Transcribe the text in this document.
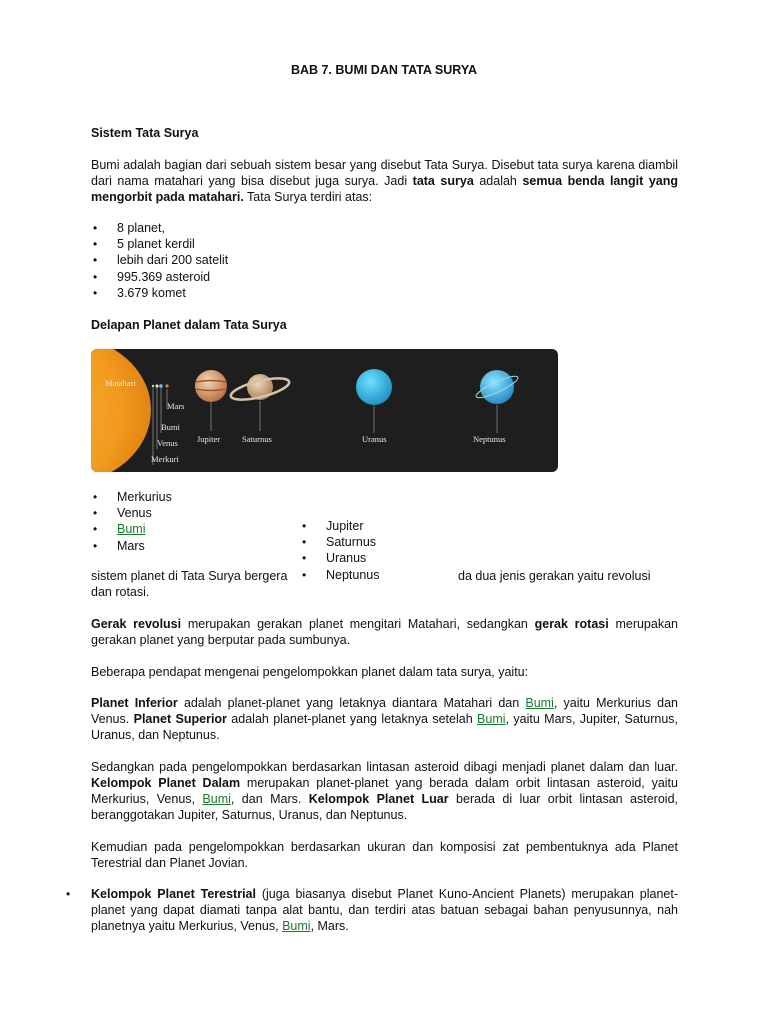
BAB 7. BUMI DAN TATA SURYA
Sistem Tata Surya
Bumi adalah bagian dari sebuah sistem besar yang disebut Tata Surya. Disebut tata surya karena diambil dari nama matahari yang bisa disebut juga surya. Jadi tata surya adalah semua benda langit yang mengorbit pada matahari. Tata Surya terdiri atas:
• 8 planet,
• 5 planet kerdil
• lebih dari 200 satelit
• 995.369 asteroid
• 3.679 komet
Delapan Planet dalam Tata Surya
Matahari
Mars
Bumi
Venus
Merkuri
Jupiter	Saturnus	Uranus	Neptunus
• Merkurius
• Venus
• Bumi
• Mars
• Jupiter
• Saturnus
• Uranus
• Neptunus
sistem planet di Tata Surya bergera	da dua jenis gerakan yaitu revolusi
dan rotasi.
Gerak revolusi merupakan gerakan planet mengitari Matahari, sedangkan gerak rotasi merupakan gerakan planet yang berputar pada sumbunya.
Beberapa pendapat mengenai pengelompokkan planet dalam tata surya, yaitu:
Planet Inferior adalah planet-planet yang letaknya diantara Matahari dan Bumi, yaitu Merkurius dan Venus. Planet Superior adalah planet-planet yang letaknya setelah Bumi, yaitu Mars, Jupiter, Saturnus, Uranus, dan Neptunus.
Sedangkan pada pengelompokkan berdasarkan lintasan asteroid dibagi menjadi planet dalam dan luar. Kelompok Planet Dalam merupakan planet-planet yang berada dalam orbit lintasan asteroid, yaitu Merkurius, Venus, Bumi, dan Mars. Kelompok Planet Luar berada di luar orbit lintasan asteroid, beranggotakan Jupiter, Saturnus, Uranus, dan Neptunus.
Kemudian pada pengelompokkan berdasarkan ukuran dan komposisi zat pembentuknya ada Planet Terestrial dan Planet Jovian.
• Kelompok Planet Terestrial (juga biasanya disebut Planet Kuno-Ancient Planets) merupakan planet-planet yang dapat diamati tanpa alat bantu, dan terdiri atas batuan sebagai bahan penyusunnya, nah planetnya yaitu Merkurius, Venus, Bumi, Mars.
